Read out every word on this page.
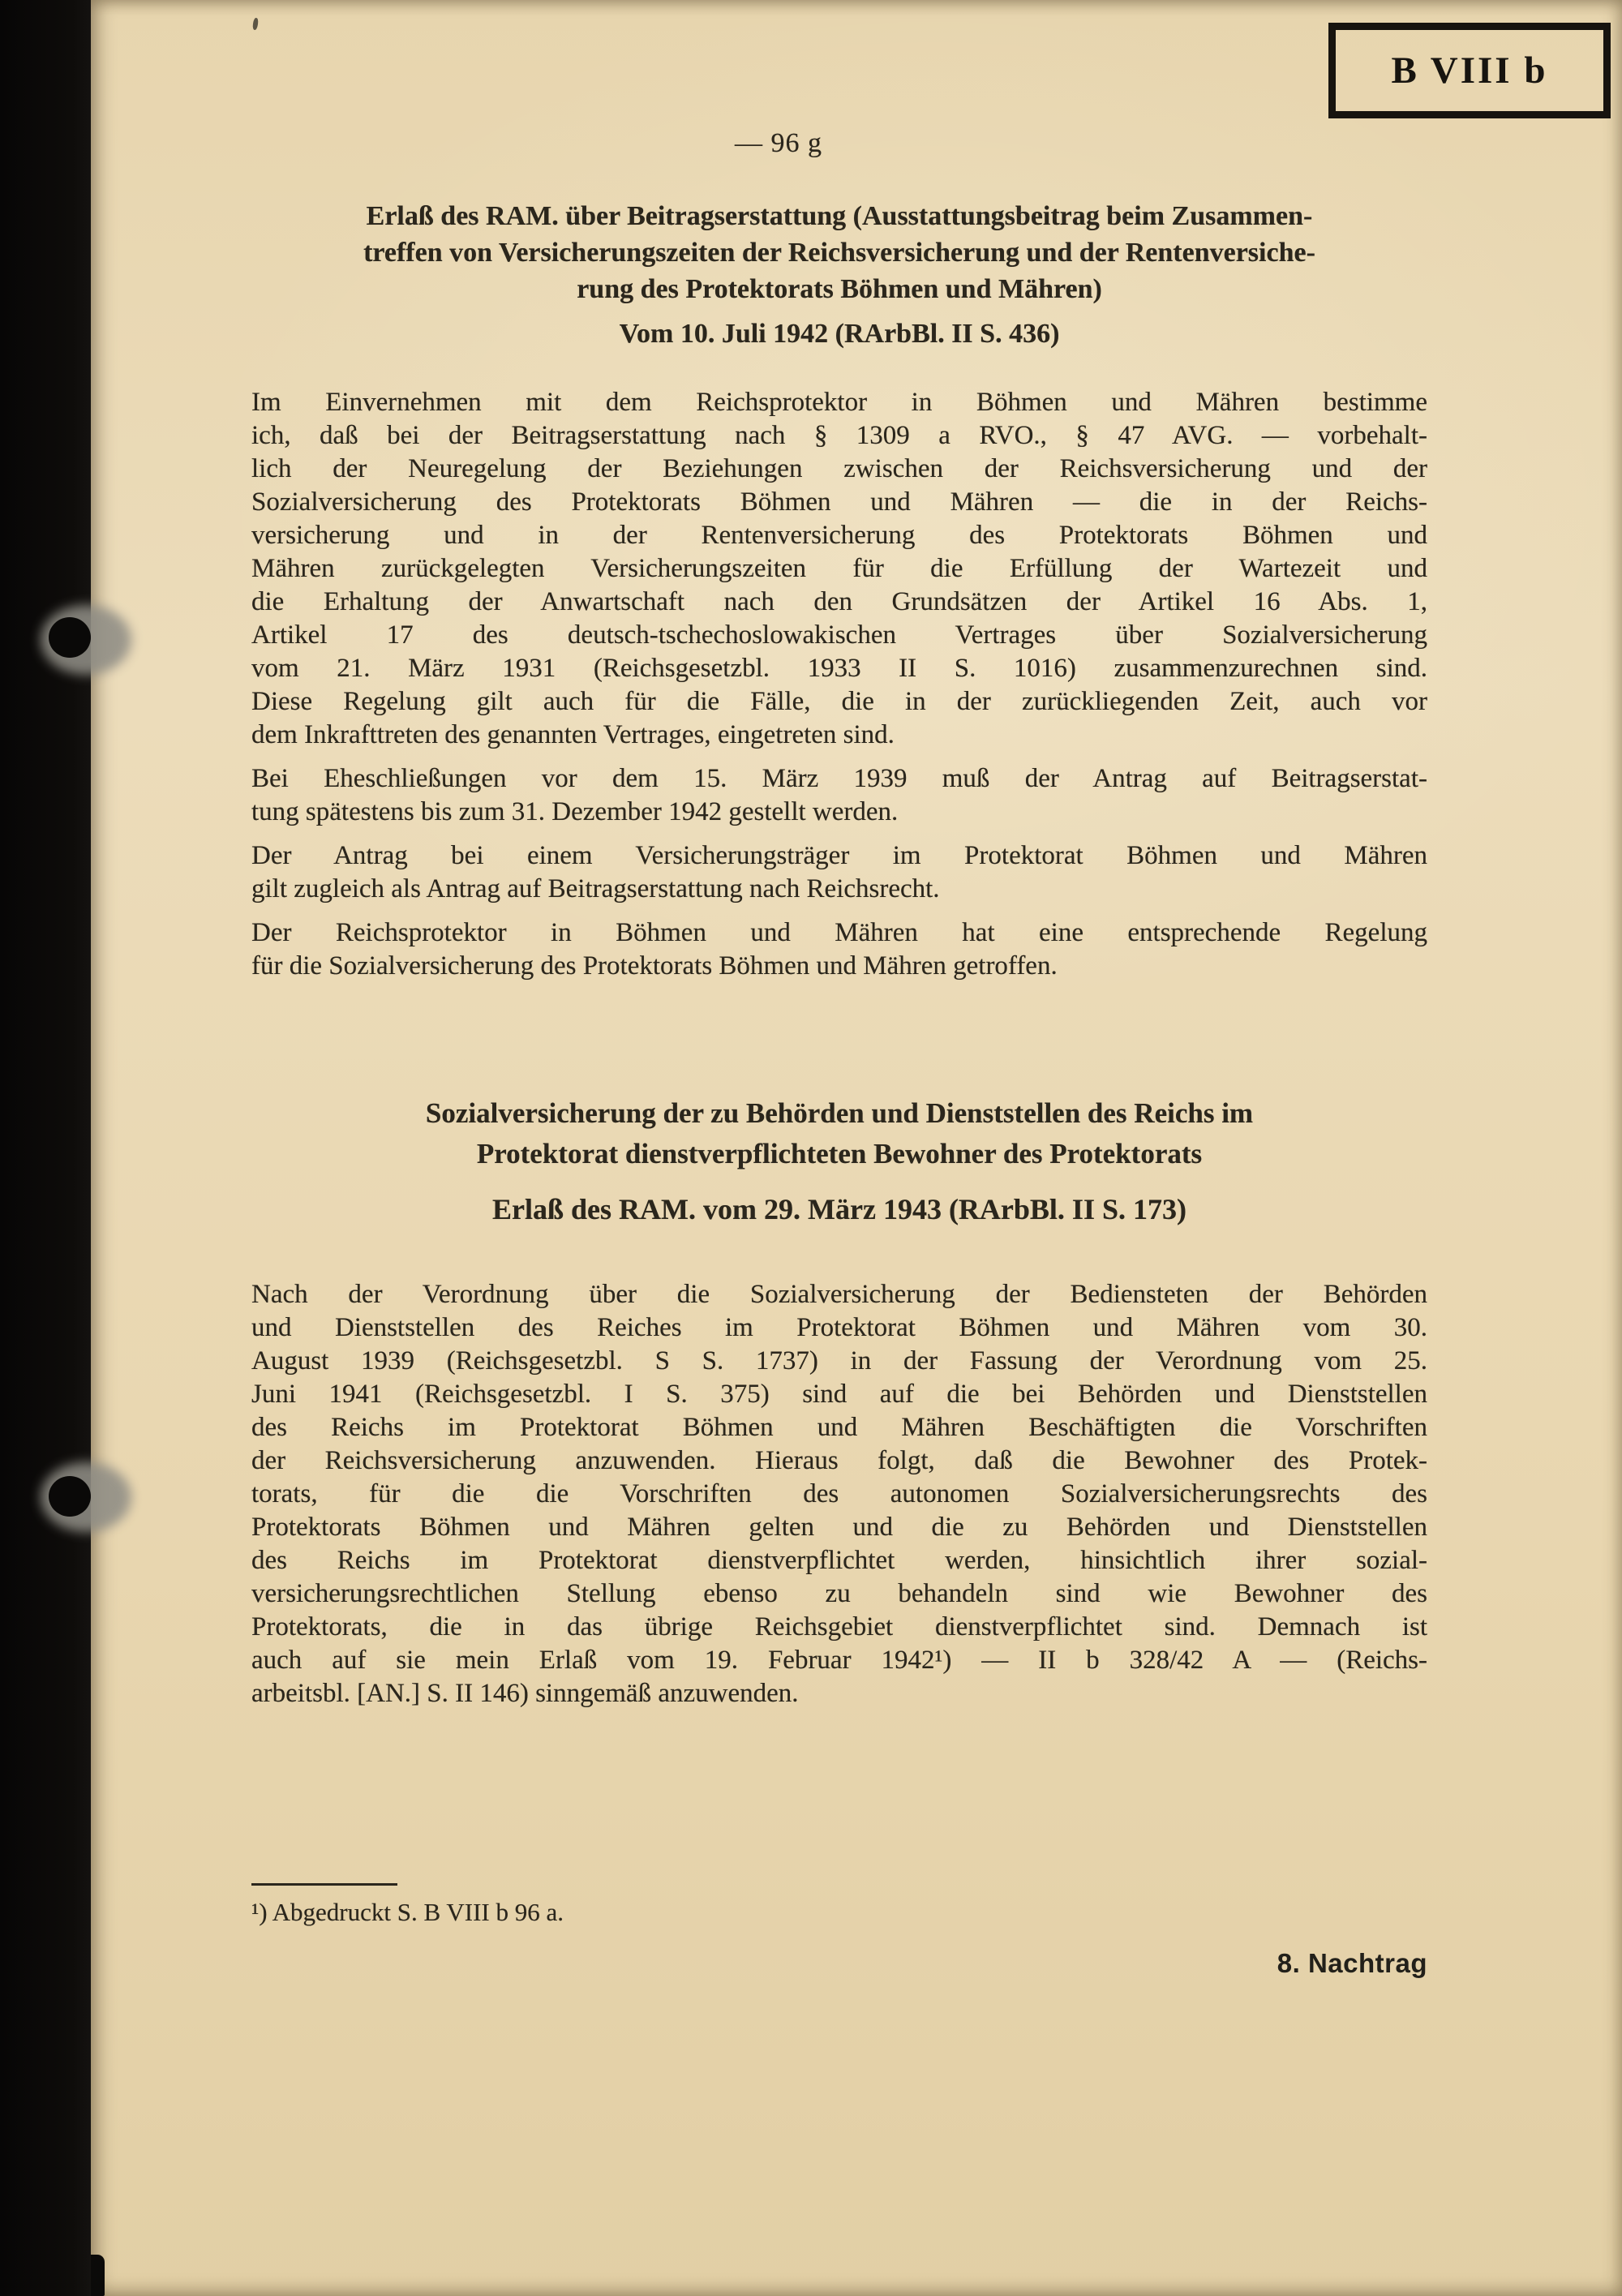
B VIII b
— 96 g
Erlaß des RAM. über Beitragserstattung (Ausstattungsbeitrag beim Zusammen-
treffen von Versicherungszeiten der Reichsversicherung und der Rentenversiche-
rung des Protektorats Böhmen und Mähren)
Vom 10. Juli 1942 (RArbBl. II S. 436)
Im Einvernehmen mit dem Reichsprotektor in Böhmen und Mähren bestimme
ich, daß bei der Beitragserstattung nach § 1309 a RVO., § 47 AVG. — vorbehalt-
lich der Neuregelung der Beziehungen zwischen der Reichsversicherung und der
Sozialversicherung des Protektorats Böhmen und Mähren — die in der Reichs-
versicherung und in der Rentenversicherung des Protektorats Böhmen und
Mähren zurückgelegten Versicherungszeiten für die Erfüllung der Wartezeit und
die Erhaltung der Anwartschaft nach den Grundsätzen der Artikel 16 Abs. 1,
Artikel 17 des deutsch-tschechoslowakischen Vertrages über Sozialversicherung
vom 21. März 1931 (Reichsgesetzbl. 1933 II S. 1016) zusammenzurechnen sind.
Diese Regelung gilt auch für die Fälle, die in der zurückliegenden Zeit, auch vor
dem Inkrafttreten des genannten Vertrages, eingetreten sind.
Bei Eheschließungen vor dem 15. März 1939 muß der Antrag auf Beitragserstat-
tung spätestens bis zum 31. Dezember 1942 gestellt werden.
Der Antrag bei einem Versicherungsträger im Protektorat Böhmen und Mähren
gilt zugleich als Antrag auf Beitragserstattung nach Reichsrecht.
Der Reichsprotektor in Böhmen und Mähren hat eine entsprechende Regelung
für die Sozialversicherung des Protektorats Böhmen und Mähren getroffen.
Sozialversicherung der zu Behörden und Dienststellen des Reichs im
Protektorat dienstverpflichteten Bewohner des Protektorats
Erlaß des RAM. vom 29. März 1943 (RArbBl. II S. 173)
Nach der Verordnung über die Sozialversicherung der Bediensteten der Behörden
und Dienststellen des Reiches im Protektorat Böhmen und Mähren vom 30.
August 1939 (Reichsgesetzbl. S S. 1737) in der Fassung der Verordnung vom 25.
Juni 1941 (Reichsgesetzbl. I S. 375) sind auf die bei Behörden und Dienststellen
des Reichs im Protektorat Böhmen und Mähren Beschäftigten die Vorschriften
der Reichsversicherung anzuwenden. Hieraus folgt, daß die Bewohner des Protek-
torats, für die die Vorschriften des autonomen Sozialversicherungsrechts des
Protektorats Böhmen und Mähren gelten und die zu Behörden und Dienststellen
des Reichs im Protektorat dienstverpflichtet werden, hinsichtlich ihrer sozial-
versicherungsrechtlichen Stellung ebenso zu behandeln sind wie Bewohner des
Protektorats, die in das übrige Reichsgebiet dienstverpflichtet sind. Demnach ist
auch auf sie mein Erlaß vom 19. Februar 1942¹) — II b 328/42 A — (Reichs-
arbeitsbl. [AN.] S. II 146) sinngemäß anzuwenden.
¹) Abgedruckt S. B VIII b 96 a.
8. Nachtrag
